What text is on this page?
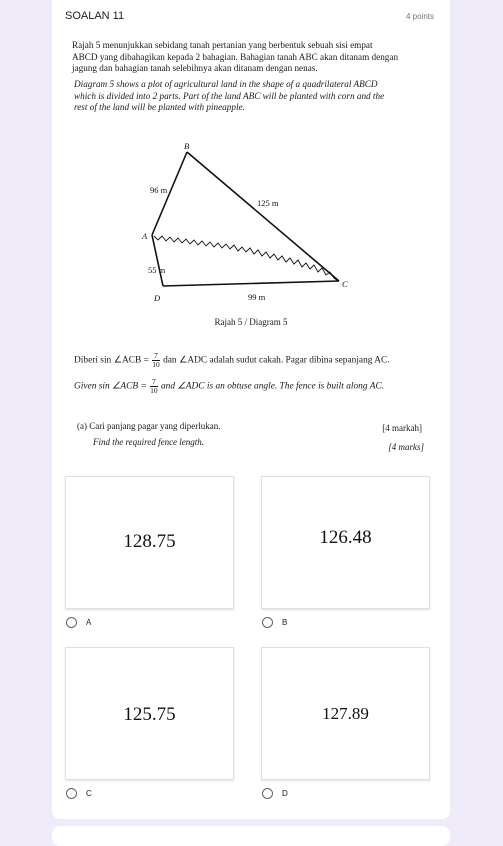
SOALAN 11	4 points
Rajah 5 menunjukkan sebidang tanah pertanian yang berbentuk sebuah sisi empat
ABCD yang dibahagikan kepada 2 bahagian. Bahagian tanah ABC akan ditanam dengan
jagung dan bahagian tanah selebihnya akan ditanam dengan nenas.
Diagram 5 shows a plot of agricultural land in the shape of a quadrilateral ABCD
which is divided into 2 parts. Part of the land ABC will be planted with corn and the
rest of the land will be planted with pineapple.
B
A
C
D
96 m
125 m
55 m
99 m
Rajah 5 / Diagram 5
Diberi sin ∠ACB = $\frac{7}{10}$ dan ∠ADC adalah sudut cakah. Pagar dibina sepanjang AC.
Given sin ∠ACB = $\frac{7}{10}$ and ∠ADC is an obtuse angle. The fence is built along AC.
(a) Cari panjang pagar yang diperlukan.	[4 markah]
Find the required fence length.	[4 marks]
128.75
A
126.48
B
125.75
C
127.89
D
